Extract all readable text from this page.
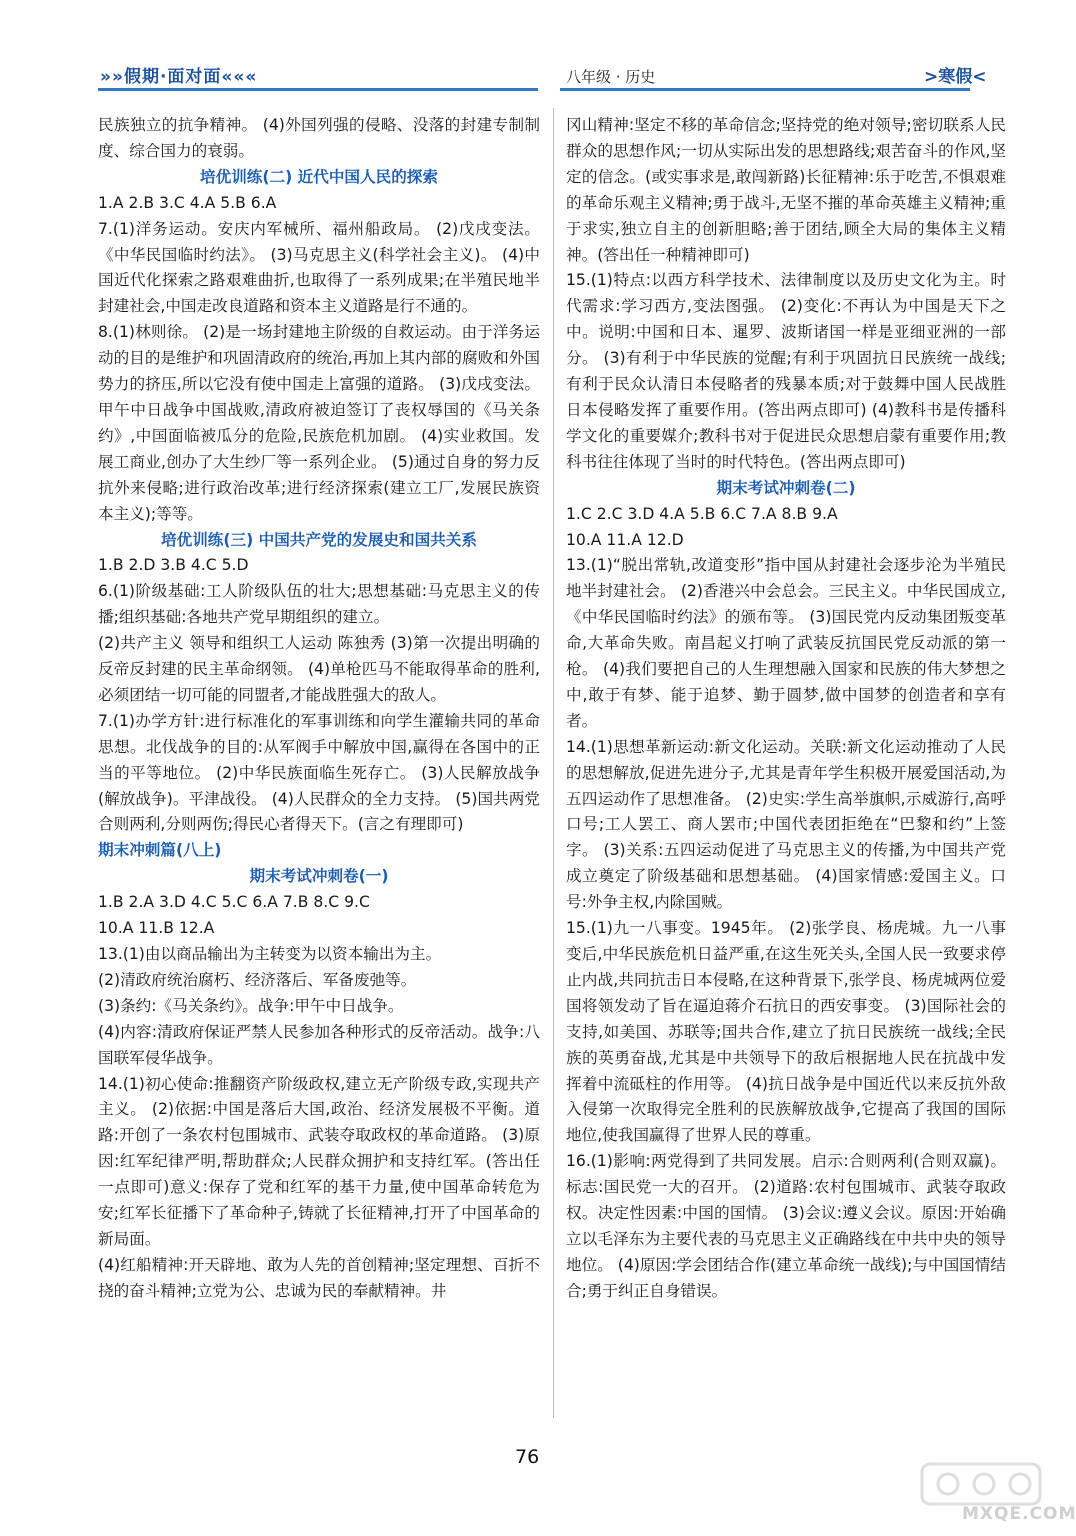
»»假期·面对面«««	八年级 · 历史	>寒假<

民族独立的抗争精神。 (4)外国列强的侵略、没落的封建专制制度、综合国力的衰弱。

培优训练(二) 近代中国人民的探索

1.A 2.B 3.C 4.A 5.B 6.A

7.(1)洋务运动。安庆内军械所、福州船政局。 (2)戊戌变法。《中华民国临时约法》。 (3)马克思主义(科学社会主义)。 (4)中国近代化探索之路艰难曲折,也取得了一系列成果;在半殖民地半封建社会,中国走改良道路和资本主义道路是行不通的。

8.(1)林则徐。 (2)是一场封建地主阶级的自救运动。由于洋务运动的目的是维护和巩固清政府的统治,再加上其内部的腐败和外国势力的挤压,所以它没有使中国走上富强的道路。 (3)戊戌变法。甲午中日战争中国战败,清政府被迫签订了丧权辱国的《马关条约》,中国面临被瓜分的危险,民族危机加剧。 (4)实业救国。发展工商业,创办了大生纱厂等一系列企业。 (5)通过自身的努力反抗外来侵略;进行政治改革;进行经济探索(建立工厂,发展民族资本主义);等等。

培优训练(三) 中国共产党的发展史和国共关系

1.B 2.D 3.B 4.C 5.D

6.(1)阶级基础:工人阶级队伍的壮大;思想基础:马克思主义的传播;组织基础:各地共产党早期组织的建立。

(2)共产主义 领导和组织工人运动 陈独秀 (3)第一次提出明确的反帝反封建的民主革命纲领。 (4)单枪匹马不能取得革命的胜利,必须团结一切可能的同盟者,才能战胜强大的敌人。

7.(1)办学方针:进行标准化的军事训练和向学生灌输共同的革命思想。北伐战争的目的:从军阀手中解放中国,赢得在各国中的正当的平等地位。 (2)中华民族面临生死存亡。 (3)人民解放战争(解放战争)。平津战役。 (4)人民群众的全力支持。 (5)国共两党合则两利,分则两伤;得民心者得天下。(言之有理即可)

期末冲刺篇(八上)
期末考试冲刺卷(一)

1.B 2.A 3.D 4.C 5.C 6.A 7.B 8.C 9.C

10.A 11.B 12.A

13.(1)由以商品输出为主转变为以资本输出为主。

(2)清政府统治腐朽、经济落后、军备废弛等。

(3)条约:《马关条约》。战争:甲午中日战争。

(4)内容:清政府保证严禁人民参加各种形式的反帝活动。战争:八国联军侵华战争。

14.(1)初心使命:推翻资产阶级政权,建立无产阶级专政,实现共产主义。 (2)依据:中国是落后大国,政治、经济发展极不平衡。道路:开创了一条农村包围城市、武装夺取政权的革命道路。 (3)原因:红军纪律严明,帮助群众;人民群众拥护和支持红军。(答出任一点即可)意义:保存了党和红军的基干力量,使中国革命转危为安;红军长征播下了革命种子,铸就了长征精神,打开了中国革命的新局面。

(4)红船精神:开天辟地、敢为人先的首创精神;坚定理想、百折不挠的奋斗精神;立党为公、忠诚为民的奉献精神。井

冈山精神:坚定不移的革命信念;坚持党的绝对领导;密切联系人民群众的思想作风;一切从实际出发的思想路线;艰苦奋斗的作风,坚定的信念。(或实事求是,敢闯新路)长征精神:乐于吃苦,不惧艰难的革命乐观主义精神;勇于战斗,无坚不摧的革命英雄主义精神;重于求实,独立自主的创新胆略;善于团结,顾全大局的集体主义精神。(答出任一种精神即可)

15.(1)特点:以西方科学技术、法律制度以及历史文化为主。时代需求:学习西方,变法图强。 (2)变化:不再认为中国是天下之中。说明:中国和日本、暹罗、波斯诸国一样是亚细亚洲的一部分。 (3)有利于中华民族的觉醒;有利于巩固抗日民族统一战线;有利于民众认清日本侵略者的残暴本质;对于鼓舞中国人民战胜日本侵略发挥了重要作用。(答出两点即可) (4)教科书是传播科学文化的重要媒介;教科书对于促进民众思想启蒙有重要作用;教科书往往体现了当时的时代特色。(答出两点即可)

期末考试冲刺卷(二)

1.C 2.C 3.D 4.A 5.B 6.C 7.A 8.B 9.A

10.A 11.A 12.D

13.(1)“脱出常轨,改道变形”指中国从封建社会逐步沦为半殖民地半封建社会。 (2)香港兴中会总会。三民主义。中华民国成立,《中华民国临时约法》的颁布等。 (3)国民党内反动集团叛变革命,大革命失败。南昌起义打响了武装反抗国民党反动派的第一枪。 (4)我们要把自己的人生理想融入国家和民族的伟大梦想之中,敢于有梦、能于追梦、勤于圆梦,做中国梦的创造者和享有者。

14.(1)思想革新运动:新文化运动。关联:新文化运动推动了人民的思想解放,促进先进分子,尤其是青年学生积极开展爱国活动,为五四运动作了思想准备。 (2)史实:学生高举旗帜,示威游行,高呼口号;工人罢工、商人罢市;中国代表团拒绝在“巴黎和约”上签字。 (3)关系:五四运动促进了马克思主义的传播,为中国共产党成立奠定了阶级基础和思想基础。 (4)国家情感:爱国主义。口号:外争主权,内除国贼。

15.(1)九一八事变。1945年。 (2)张学良、杨虎城。九一八事变后,中华民族危机日益严重,在这生死关头,全国人民一致要求停止内战,共同抗击日本侵略,在这种背景下,张学良、杨虎城两位爱国将领发动了旨在逼迫蒋介石抗日的西安事变。 (3)国际社会的支持,如美国、苏联等;国共合作,建立了抗日民族统一战线;全民族的英勇奋战,尤其是中共领导下的敌后根据地人民在抗战中发挥着中流砥柱的作用等。 (4)抗日战争是中国近代以来反抗外敌入侵第一次取得完全胜利的民族解放战争,它提高了我国的国际地位,使我国赢得了世界人民的尊重。

16.(1)影响:两党得到了共同发展。启示:合则两利(合则双赢)。标志:国民党一大的召开。 (2)道路:农村包围城市、武装夺取政权。决定性因素:中国的国情。 (3)会议:遵义会议。原因:开始确立以毛泽东为主要代表的马克思主义正确路线在中共中央的领导地位。 (4)原因:学会团结合作(建立革命统一战线);与中国国情结合;勇于纠正自身错误。

76
MXQE.COM
